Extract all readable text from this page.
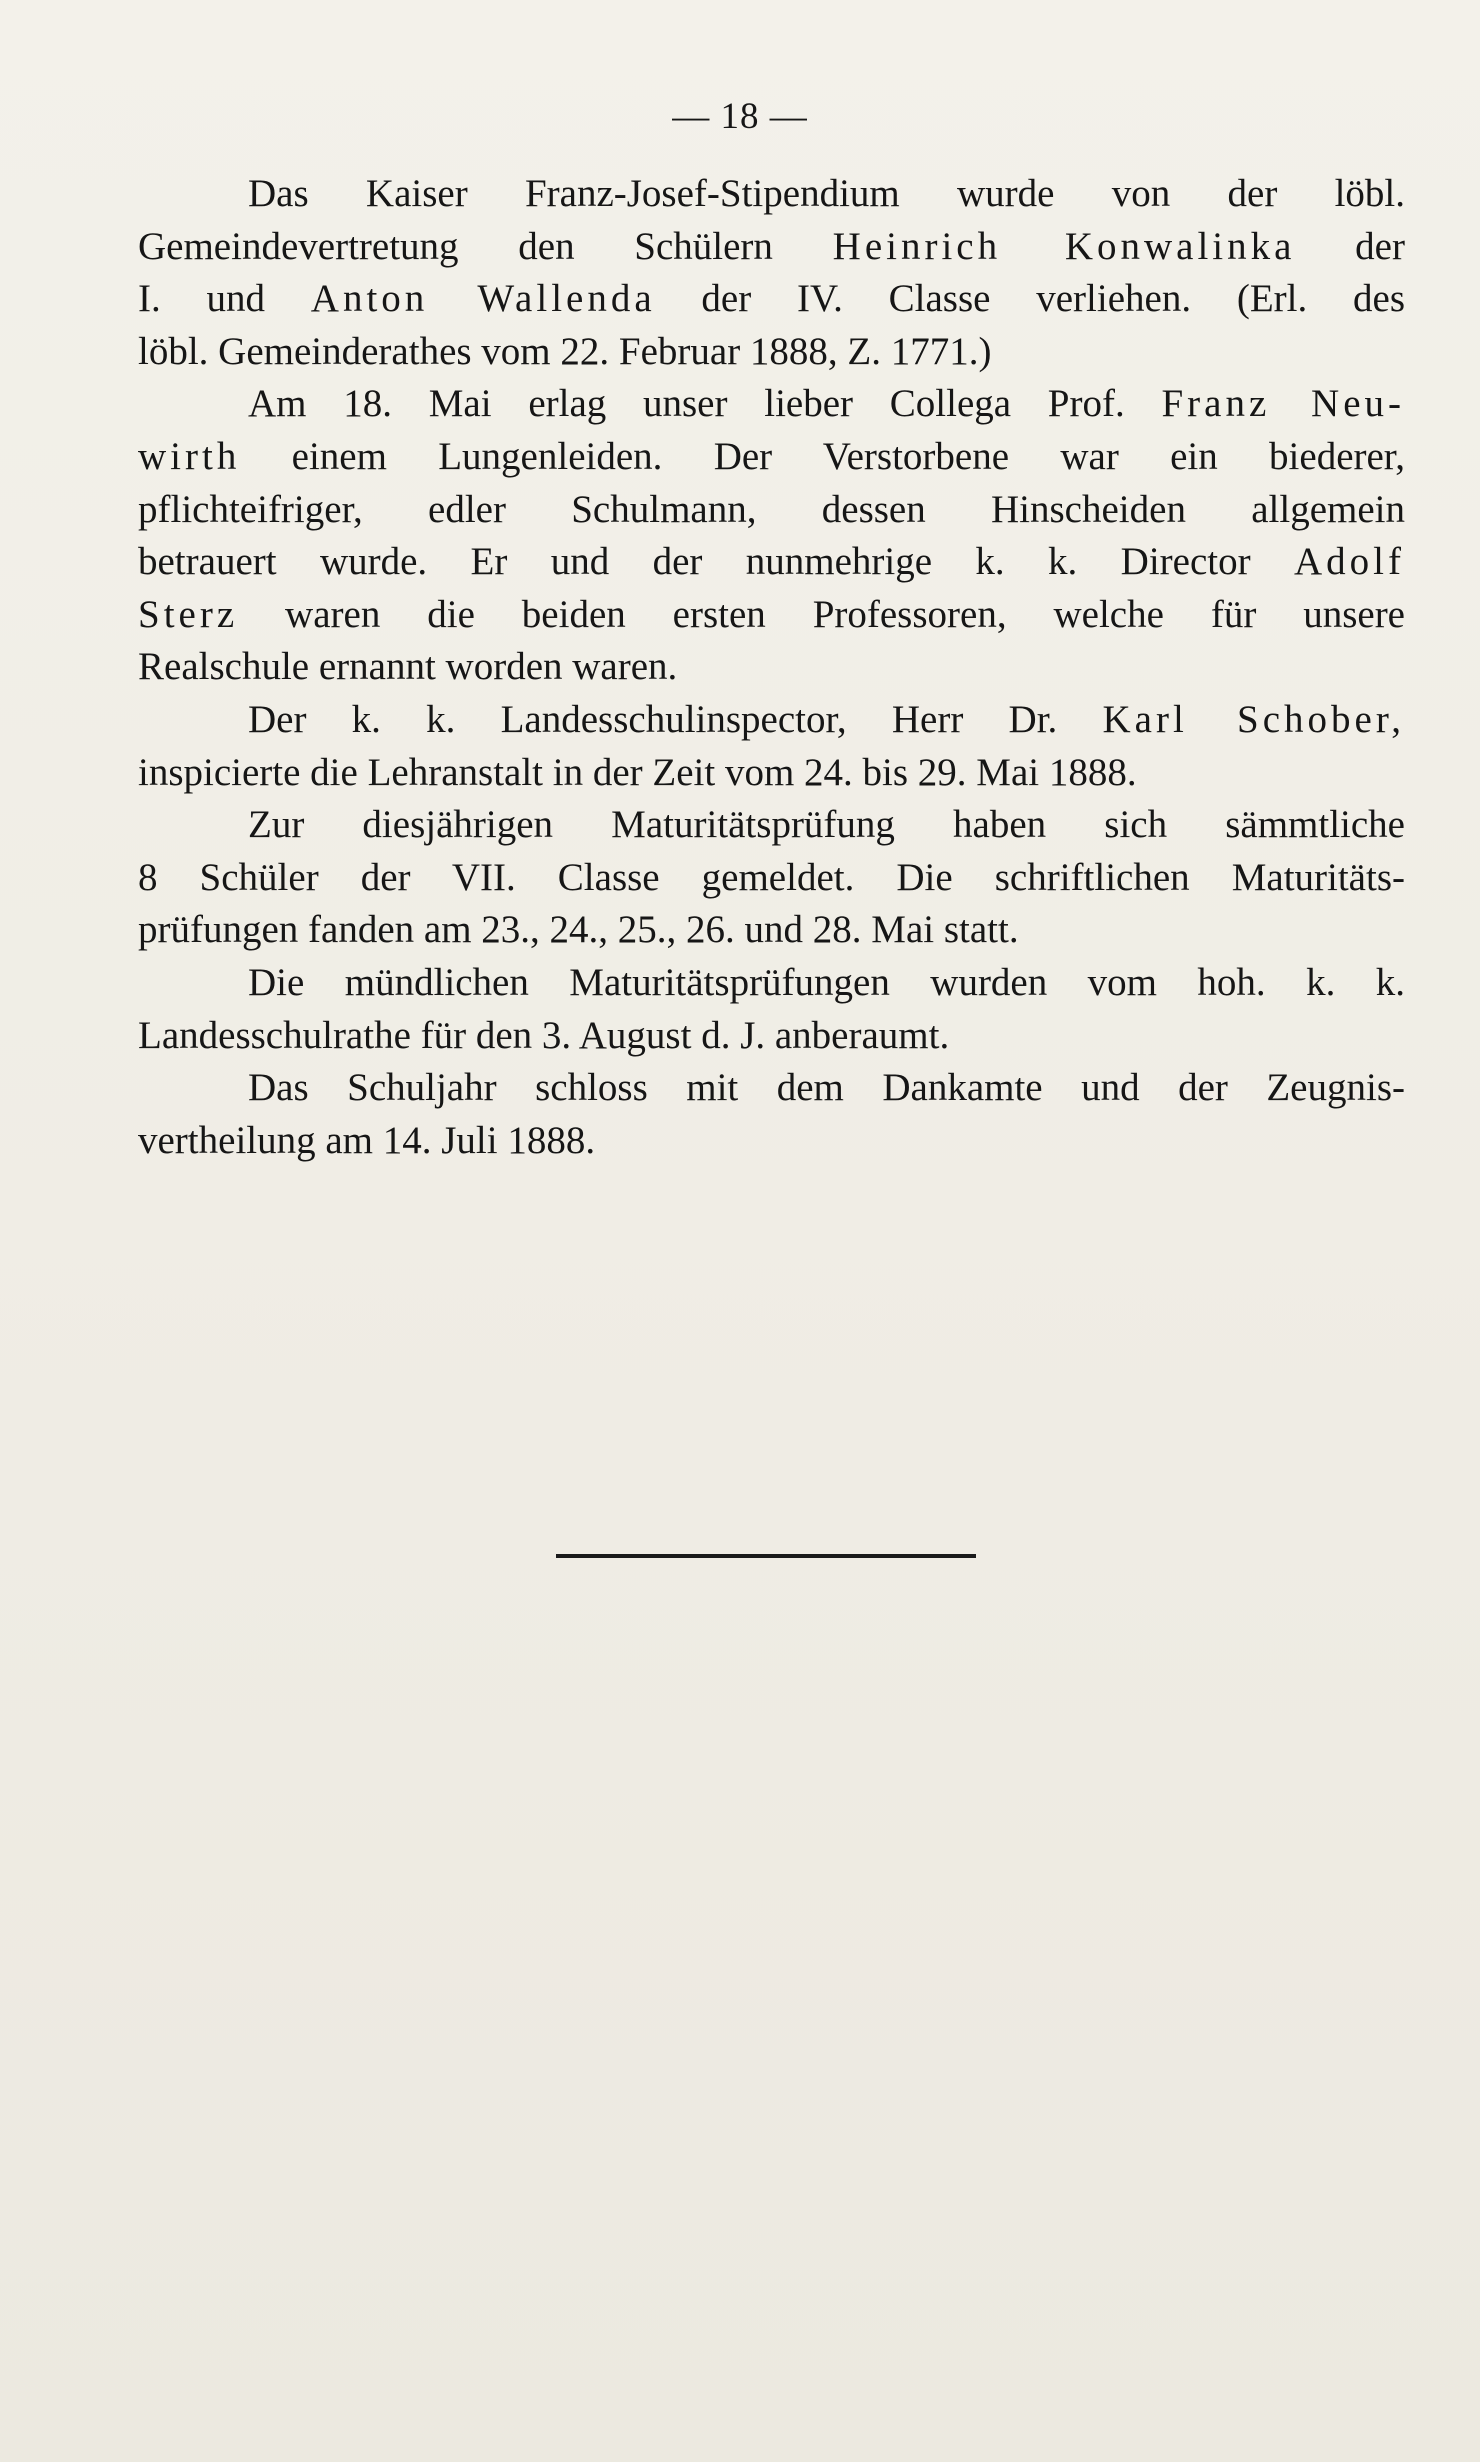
— 18 —
Das Kaiser Franz-Josef-Stipendium wurde von der löbl.
Gemeindevertretung den Schülern Heinrich Konwalinka der
I. und Anton Wallenda der IV. Classe verliehen. (Erl. des
löbl. Gemeinderathes vom 22. Februar 1888, Z. 1771.)
Am 18. Mai erlag unser lieber Collega Prof. Franz Neu-
wirth einem Lungenleiden. Der Verstorbene war ein biederer,
pflichteifriger, edler Schulmann, dessen Hinscheiden allgemein
betrauert wurde. Er und der nunmehrige k. k. Director Adolf
Sterz waren die beiden ersten Professoren, welche für unsere
Realschule ernannt worden waren.
Der k. k. Landesschulinspector, Herr Dr. Karl Schober,
inspicierte die Lehranstalt in der Zeit vom 24. bis 29. Mai 1888.
Zur diesjährigen Maturitätsprüfung haben sich sämmtliche
8 Schüler der VII. Classe gemeldet. Die schriftlichen Maturitäts-
prüfungen fanden am 23., 24., 25., 26. und 28. Mai statt.
Die mündlichen Maturitätsprüfungen wurden vom hoh. k. k.
Landesschulrathe für den 3. August d. J. anberaumt.
Das Schuljahr schloss mit dem Dankamte und der Zeugnis-
vertheilung am 14. Juli 1888.
